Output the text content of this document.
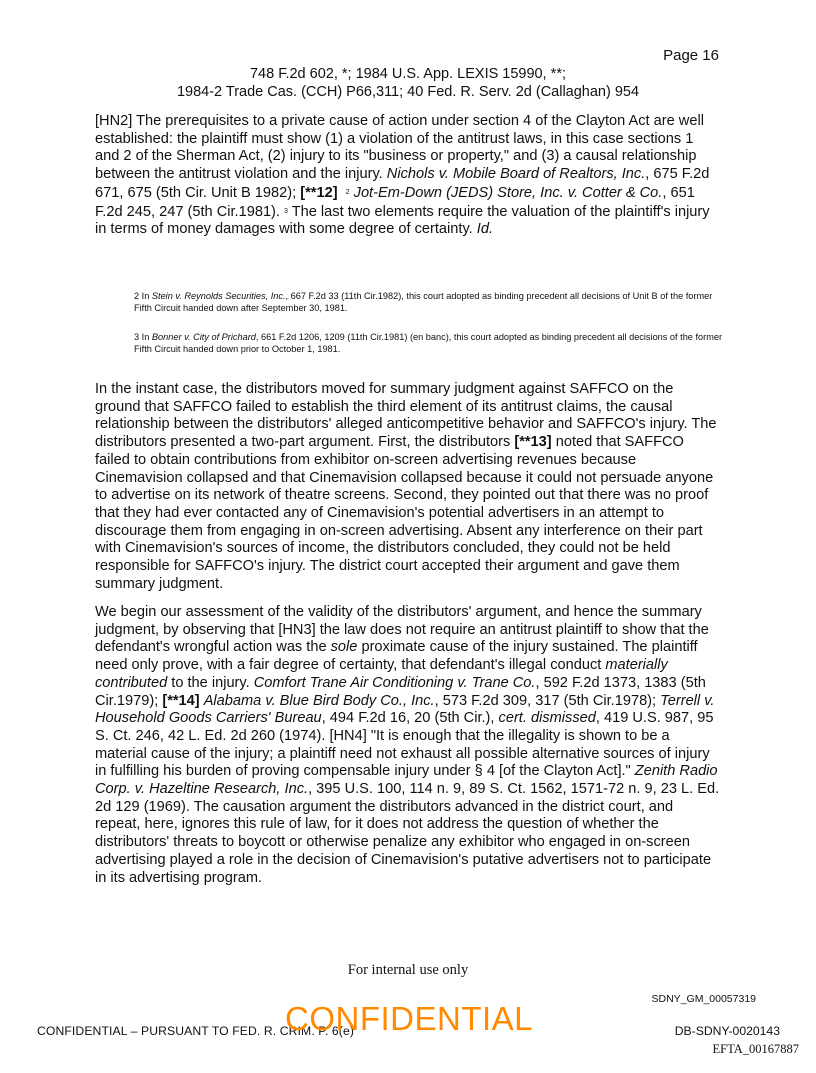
Page 16
748 F.2d 602, *; 1984 U.S. App. LEXIS 15990, **;
1984-2 Trade Cas. (CCH) P66,311; 40 Fed. R. Serv. 2d (Callaghan) 954

[HN2] The prerequisites to a private cause of action under section 4 of the Clayton Act are well established: the plaintiff must show (1) a violation of the antitrust laws, in this case sections 1 and 2 of the Sherman Act, (2) injury to its "business or property," and (3) a causal relationship between the antitrust violation and the injury. Nichols v. Mobile Board of Realtors, Inc., 675 F.2d 671, 675 (5th Cir. Unit B 1982); [**12] $^2$ Jot-Em-Down (JEDS) Store, Inc. v. Cotter & Co., 651 F.2d 245, 247 (5th Cir.1981). $^3$ The last two elements require the valuation of the plaintiff's injury in terms of money damages with some degree of certainty. Id.

2 In Stein v. Reynolds Securities, Inc., 667 F.2d 33 (11th Cir.1982), this court adopted as binding precedent all decisions of Unit B of the former Fifth Circuit handed down after September 30, 1981.

3 In Bonner v. City of Prichard, 661 F.2d 1206, 1209 (11th Cir.1981) (en banc), this court adopted as binding precedent all decisions of the former Fifth Circuit handed down prior to October 1, 1981.

In the instant case, the distributors moved for summary judgment against SAFFCO on the ground that SAFFCO failed to establish the third element of its antitrust claims, the causal relationship between the distributors' alleged anticompetitive behavior and SAFFCO's injury. The distributors presented a two-part argument. First, the distributors [**13] noted that SAFFCO failed to obtain contributions from exhibitor on-screen advertising revenues because Cinemavision collapsed and that Cinemavision collapsed because it could not persuade anyone to advertise on its network of theatre screens. Second, they pointed out that there was no proof that they had ever contacted any of Cinemavision's potential advertisers in an attempt to discourage them from engaging in on-screen advertising. Absent any interference on their part with Cinemavision's sources of income, the distributors concluded, they could not be held responsible for SAFFCO's injury. The district court accepted their argument and gave them summary judgment.

We begin our assessment of the validity of the distributors' argument, and hence the summary judgment, by observing that [HN3] the law does not require an antitrust plaintiff to show that the defendant's wrongful action was the sole proximate cause of the injury sustained. The plaintiff need only prove, with a fair degree of certainty, that defendant's illegal conduct materially contributed to the injury. Comfort Trane Air Conditioning v. Trane Co., 592 F.2d 1373, 1383 (5th Cir.1979); [**14] Alabama v. Blue Bird Body Co., Inc., 573 F.2d 309, 317 (5th Cir.1978); Terrell v. Household Goods Carriers' Bureau, 494 F.2d 16, 20 (5th Cir.), cert. dismissed, 419 U.S. 987, 95 S. Ct. 246, 42 L. Ed. 2d 260 (1974). [HN4] "It is enough that the illegality is shown to be a material cause of the injury; a plaintiff need not exhaust all possible alternative sources of injury in fulfilling his burden of proving compensable injury under § 4 [of the Clayton Act]." Zenith Radio Corp. v. Hazeltine Research, Inc., 395 U.S. 100, 114 n. 9, 89 S. Ct. 1562, 1571-72 n. 9, 23 L. Ed. 2d 129 (1969). The causation argument the distributors advanced in the district court, and repeat, here, ignores this rule of law, for it does not address the question of whether the distributors' threats to boycott or otherwise penalize any exhibitor who engaged in on-screen advertising played a role in the decision of Cinemavision's putative advertisers not to participate in its advertising program.

For internal use only
SDNY_GM_00057319
CONFIDENTIAL – PURSUANT TO FED. R. CRIM. P. 6(e)
CONFIDENTIAL	DB-SDNY-0020143
EFTA_00167887
